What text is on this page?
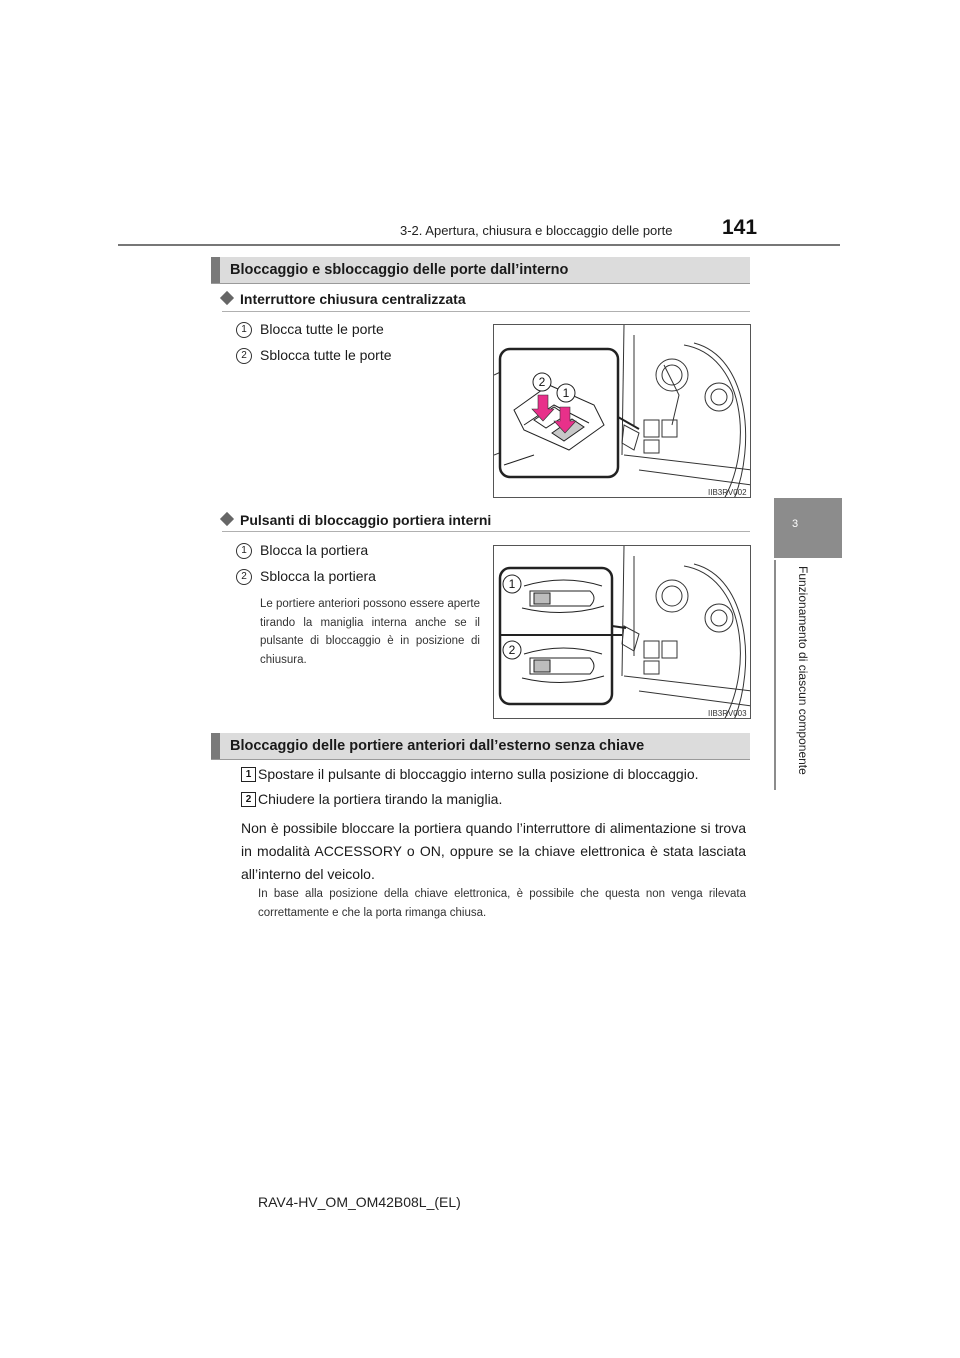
3-2. Apertura, chiusura e bloccaggio delle porte 141
3
Funzionamento di ciascun componente
Bloccaggio e sbloccaggio delle porte dall’interno
Interruttore chiusura centralizzata
1 Blocca tutte le porte
2 Sblocca tutte le porte
2
1
IIB3RV002
Pulsanti di bloccaggio portiera interni
1 Blocca la portiera
2 Sblocca la portiera
Le portiere anteriori possono essere aperte tirando la maniglia interna anche se il pulsante di bloccaggio è in posizione di chiusura.
1
2
IIB3RV003
Bloccaggio delle portiere anteriori dall’esterno senza chiave
1 Spostare il pulsante di bloccaggio interno sulla posizione di bloccaggio.
2 Chiudere la portiera tirando la maniglia.
Non è possibile bloccare la portiera quando l’interruttore di alimentazione si trova in modalità ACCESSORY o ON, oppure se la chiave elettronica è stata lasciata all’interno del veicolo.
In base alla posizione della chiave elettronica, è possibile che questa non venga rilevata correttamente e che la porta rimanga chiusa.
RAV4-HV_OM_OM42B08L_(EL)
